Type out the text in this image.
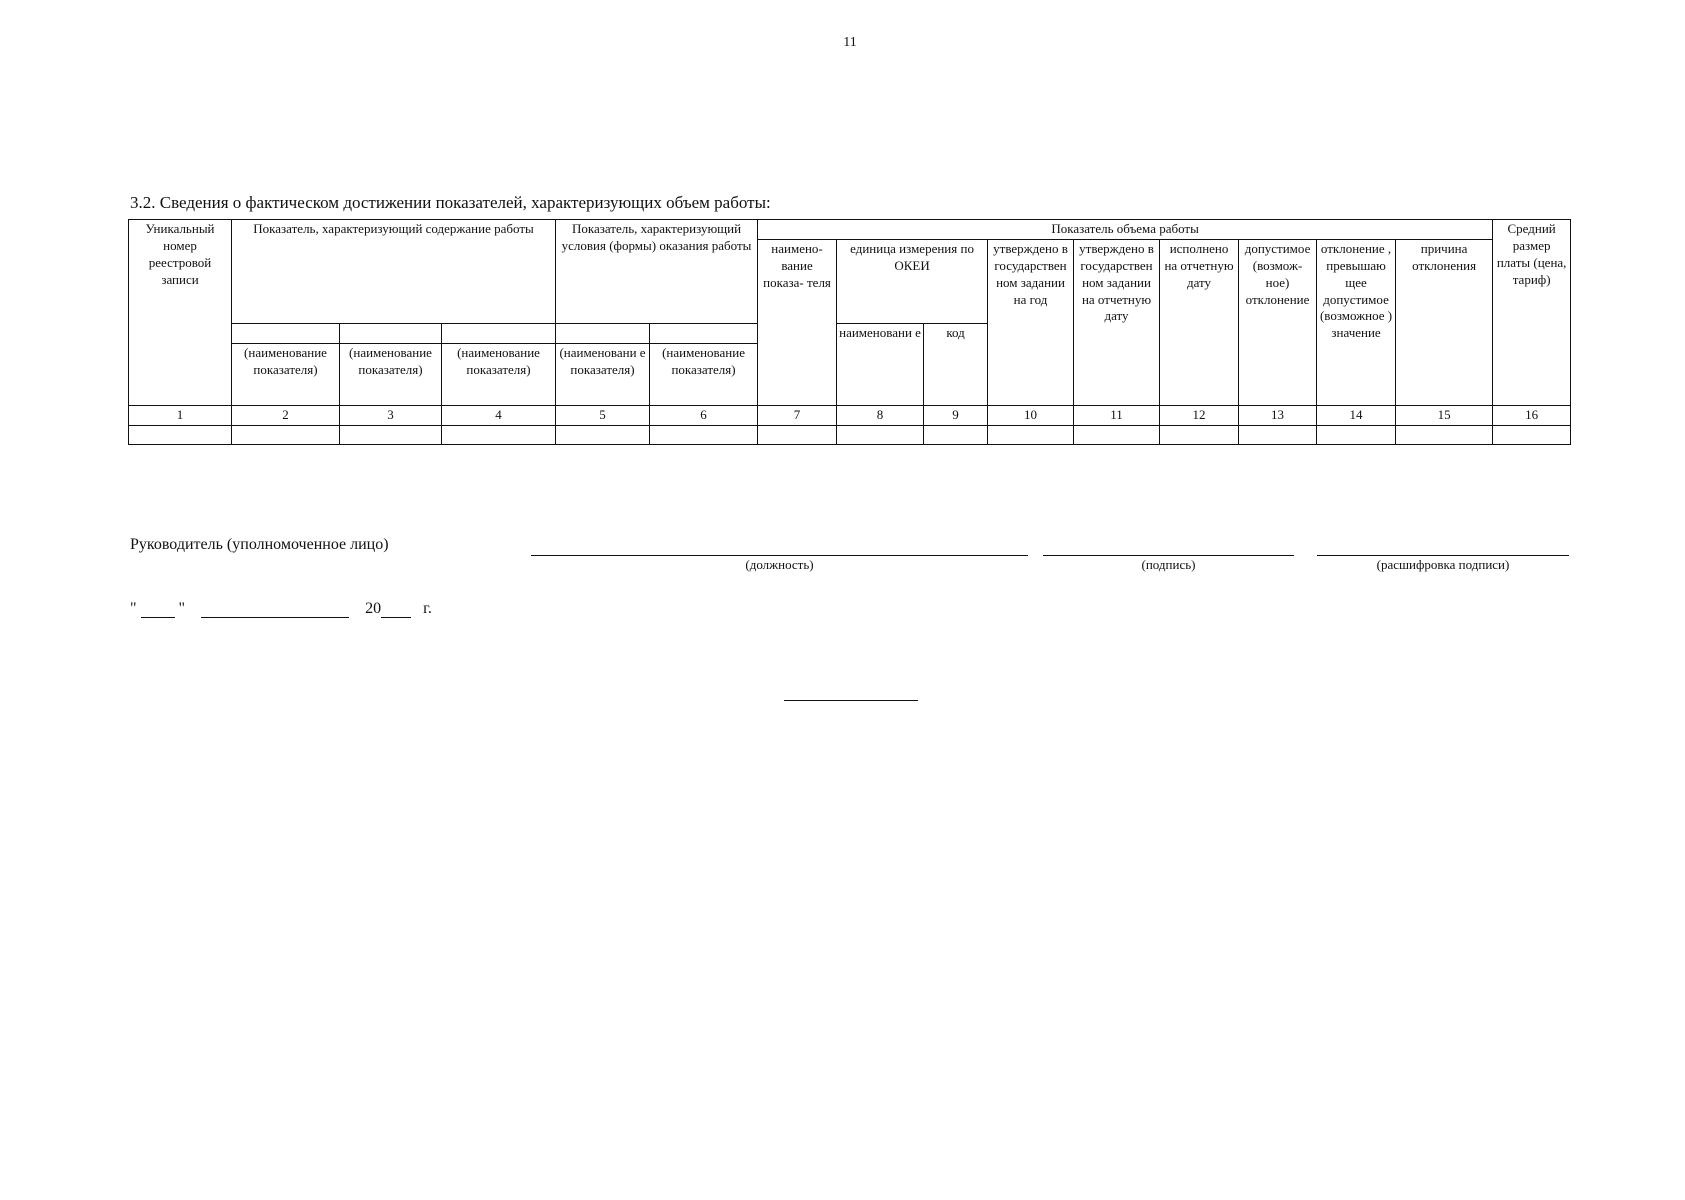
11
3.2. Сведения о фактическом достижении показателей, характеризующих объем работы:
Уникальный номер реестровой записи	Показатель, характеризующий содержание работы			Показатель, характеризующий условия (формы) оказания работы		Показатель объема работы									Средний размер платы (цена, тариф)
						наимено- вание показа- теля	единица измерения по ОКЕИ		утверждено в государствен ном задании на год	утверждено в государствен ном задании на отчетную дату	исполнено на отчетную дату	допустимое (возмож- ное) отклонение	отклонение , превышаю щее допустимое (возможное ) значение	причина отклонения	
							наименовани е	код							
	(наименование показателя)	(наименование показателя)	(наименование показателя)	(наименовани е показателя)	(наименование показателя)										
1	2	3	4	5	6	7	8	9	10	11	12	13	14	15	16

Руководитель (уполномоченное лицо)
(должность)	(подпись)	(расшифровка подписи)
"	"	20	г.
